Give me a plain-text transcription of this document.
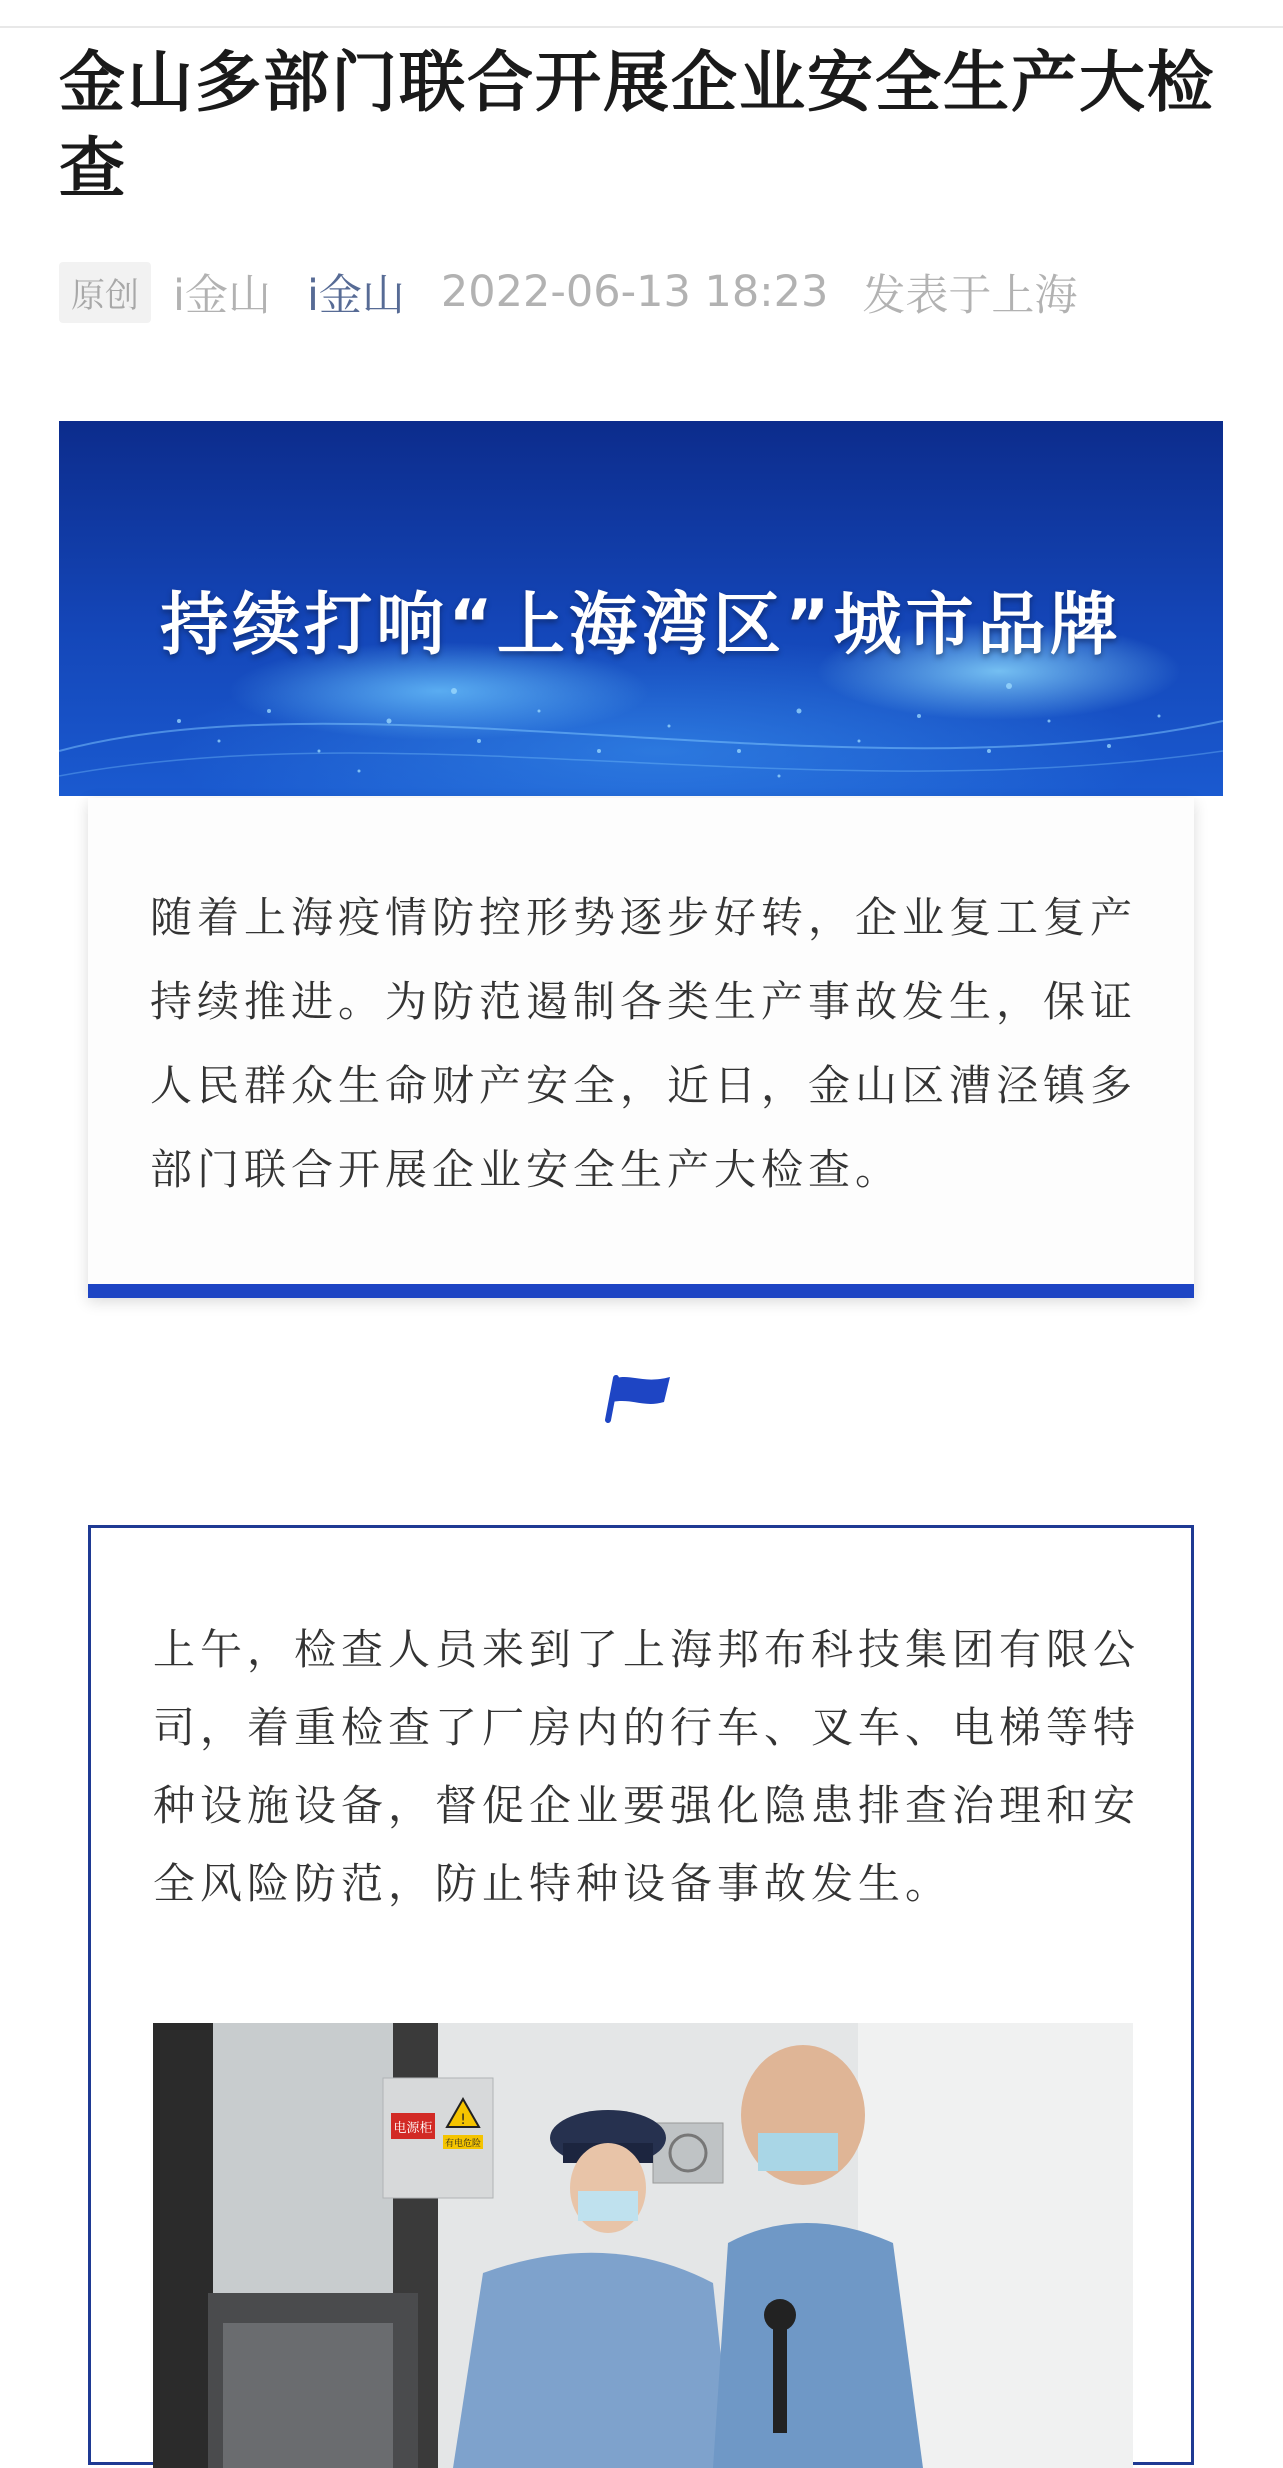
金山多部门联合开展企业安全生产大检查
原创 i金山 i金山 2022-06-13 18:23 发表于上海
持续打响“上海湾区”城市品牌

随着上海疫情防控形势逐步好转，企业复工复产持续推进。为防范遏制各类生产事故发生，保证人民群众生命财产安全，近日，金山区漕泾镇多部门联合开展企业安全生产大检查。

上午，检查人员来到了上海邦布科技集团有限公司，着重检查了厂房内的行车、叉车、电梯等特种设施设备，督促企业要强化隐患排查治理和安全风险防范，防止特种设备事故发生。

电源柜
!
有电危险
